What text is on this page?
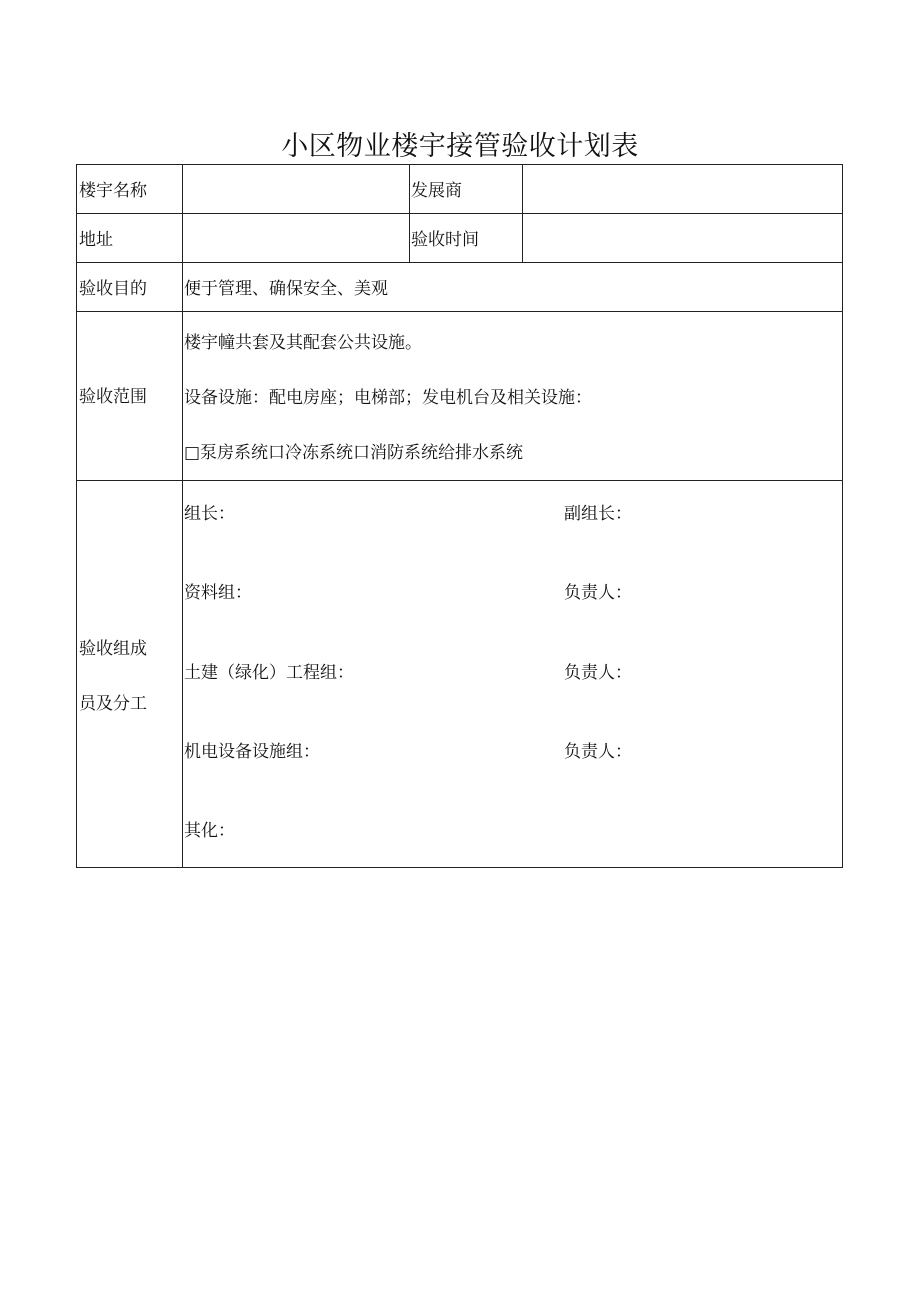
小区物业楼宇接管验收计划表
楼宇名称	发展商
地址	验收时间
验收目的 便于管理、确保安全、美观
验收范围
楼宇幢共套及其配套公共设施。
设备设施：配电房座；电梯部；发电机台及相关设施：
□泵房系统口冷冻系统口消防系统给排水系统
验收组成
员及分工
组长：	副组长：
资料组：	负责人：
土建（绿化）工程组：	负责人：
机电设备设施组：	负责人：
其化：
